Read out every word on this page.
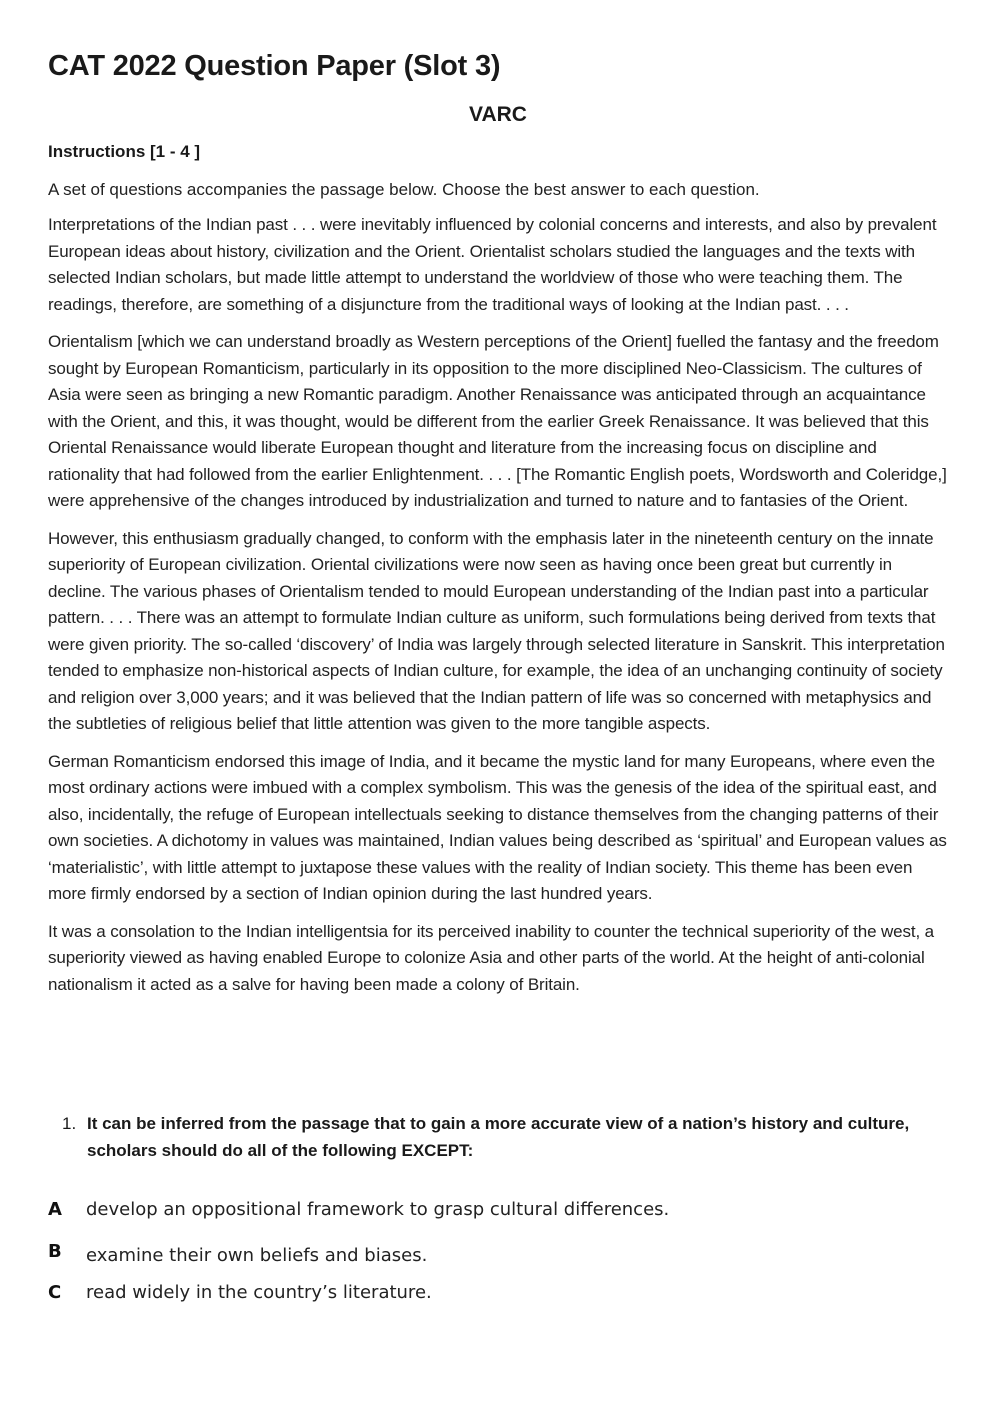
CAT 2022 Question Paper (Slot 3)
VARC
Instructions [1 - 4 ]
A set of questions accompanies the passage below. Choose the best answer to each question.

Interpretations of the Indian past . . . were inevitably influenced by colonial concerns and interests, and also by prevalent European ideas about history, civilization and the Orient. Orientalist scholars studied the languages and the texts with selected Indian scholars, but made little attempt to understand the worldview of those who were teaching them. The readings, therefore, are something of a disjuncture from the traditional ways of looking at the Indian past. . . .

Orientalism [which we can understand broadly as Western perceptions of the Orient] fuelled the fantasy and the freedom sought by European Romanticism, particularly in its opposition to the more disciplined Neo-Classicism. The cultures of Asia were seen as bringing a new Romantic paradigm. Another Renaissance was anticipated through an acquaintance with the Orient, and this, it was thought, would be different from the earlier Greek Renaissance. It was believed that this Oriental Renaissance would liberate European thought and literature from the increasing focus on discipline and rationality that had followed from the earlier Enlightenment. . . . [The Romantic English poets, Wordsworth and Coleridge,] were apprehensive of the changes introduced by industrialization and turned to nature and to fantasies of the Orient.

However, this enthusiasm gradually changed, to conform with the emphasis later in the nineteenth century on the innate superiority of European civilization. Oriental civilizations were now seen as having once been great but currently in decline. The various phases of Orientalism tended to mould European understanding of the Indian past into a particular pattern. . . . There was an attempt to formulate Indian culture as uniform, such formulations being derived from texts that were given priority. The so-called ‘discovery’ of India was largely through selected literature in Sanskrit. This interpretation tended to emphasize non-historical aspects of Indian culture, for example, the idea of an unchanging continuity of society and religion over 3,000 years; and it was believed that the Indian pattern of life was so concerned with metaphysics and the subtleties of religious belief that little attention was given to the more tangible aspects.

German Romanticism endorsed this image of India, and it became the mystic land for many Europeans, where even the most ordinary actions were imbued with a complex symbolism. This was the genesis of the idea of the spiritual east, and also, incidentally, the refuge of European intellectuals seeking to distance themselves from the changing patterns of their own societies. A dichotomy in values was maintained, Indian values being described as ‘spiritual’ and European values as ‘materialistic’, with little attempt to juxtapose these values with the reality of Indian society. This theme has been even more firmly endorsed by a section of Indian opinion during the last hundred years.

It was a consolation to the Indian intelligentsia for its perceived inability to counter the technical superiority of the west, a superiority viewed as having enabled Europe to colonize Asia and other parts of the world. At the height of anti-colonial nationalism it acted as a salve for having been made a colony of Britain.

1. It can be inferred from the passage that to gain a more accurate view of a nation’s history and culture, scholars should do all of the following EXCEPT:
A develop an oppositional framework to grasp cultural differences.
B examine their own beliefs and biases.
C read widely in the country’s literature.
